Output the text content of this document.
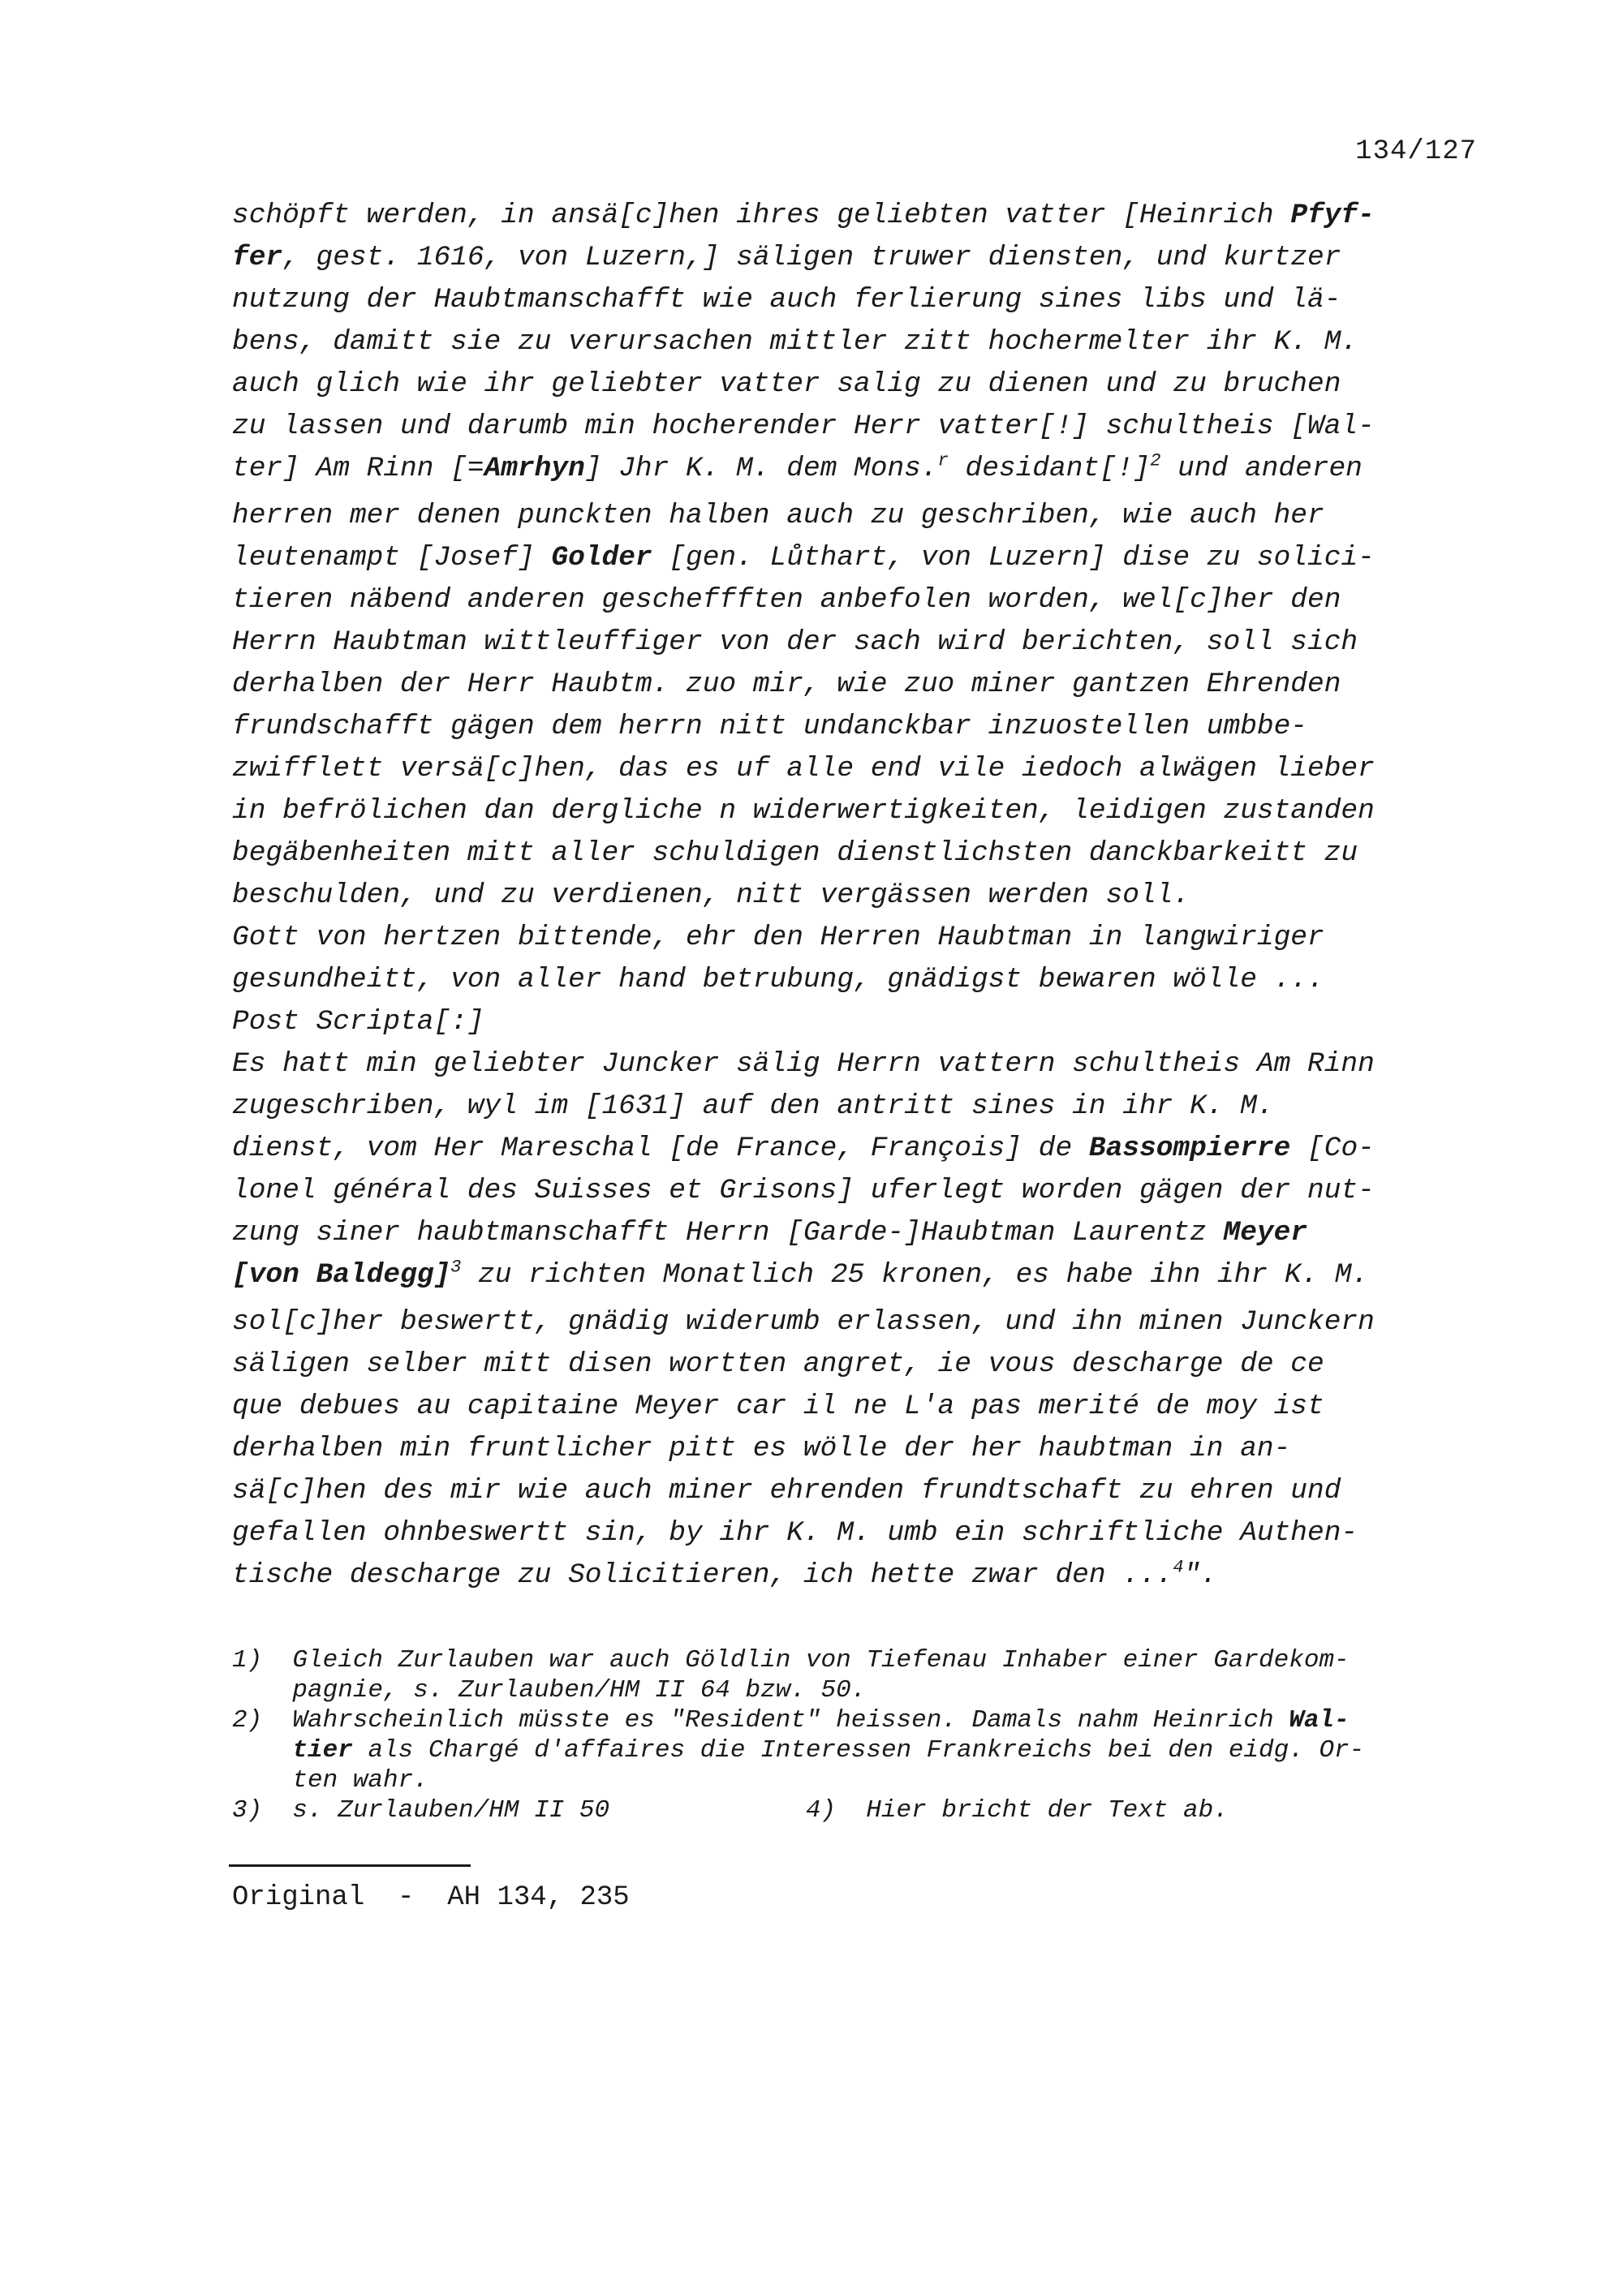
134/127
schöpft werden, in ansä[c]hen ihres geliebten vatter [Heinrich Pfyf-
fer, gest. 1616, von Luzern,] säligen truwer diensten, und kurtzer
nutzung der Haubtmanschafft wie auch ferlierung sines libs und lä-
bens, damitt sie zu verursachen mittler zitt hochermelter ihr K. M.
auch glich wie ihr geliebter vatter salig zu dienen und zu bruchen
zu lassen und darumb min hocherender Herr vatter[!] schultheis [Wal-
ter] Am Rinn [=Amrhyn] Jhr K. M. dem Mons.$^r$ desidant[!]$^2$ und anderen
herren mer denen punckten halben auch zu geschriben, wie auch her
leutenampt [Josef] Golder [gen. Lůthart, von Luzern] dise zu solici-
tieren näbend anderen gescheffften anbefolen worden, wel[c]her den
Herrn Haubtman wittleuffiger von der sach wird berichten, soll sich
derhalben der Herr Haubtm. zuo mir, wie zuo miner gantzen Ehrenden
frundschafft gägen dem herrn nitt undanckbar inzuostellen umbbe-
zwifflett versä[c]hen, das es uf alle end vile iedoch alwägen lieber
in befrölichen dan dergliche n widerwertigkeiten, leidigen zustanden
begäbenheiten mitt aller schuldigen dienstlichsten danckbarkeitt zu
beschulden, und zu verdienen, nitt vergässen werden soll.
Gott von hertzen bittende, ehr den Herren Haubtman in langwiriger
gesundheitt, von aller hand betrubung, gnädigst bewaren wölle ...
Post Scripta[:]
Es hatt min geliebter Juncker sälig Herrn vattern schultheis Am Rinn
zugeschriben, wyl im [1631] auf den antritt sines in ihr K. M.
dienst, vom Her Mareschal [de France, François] de Bassompierre [Co-
lonel général des Suisses et Grisons] uferlegt worden gägen der nut-
zung siner haubtmanschafft Herrn [Garde-]Haubtman Laurentz Meyer
[von Baldegg]$^3$ zu richten Monatlich 25 kronen, es habe ihn ihr K. M.
sol[c]her beswertt, gnädig widerumb erlassen, und ihn minen Junckern
säligen selber mitt disen wortten angret, ie vous descharge de ce
que debues au capitaine Meyer car il ne L'a pas merité de moy ist
derhalben min fruntlicher pitt es wölle der her haubtman in an-
sä[c]hen des mir wie auch miner ehrenden frundtschaft zu ehren und
gefallen ohnbeswertt sin, by ihr K. M. umb ein schriftliche Authen-
tische descharge zu Solicitieren, ich hette zwar den ...$^4$".
1)  Gleich Zurlauben war auch Göldlin von Tiefenau Inhaber einer Gardekom-
pagnie, s. Zurlauben/HM II 64 bzw. 50.
2)  Wahrscheinlich müsste es "Resident" heissen. Damals nahm Heinrich Wal-
tier als Chargé d'affaires die Interessen Frankreichs bei den eidg. Or-
ten wahr.
3)  s. Zurlauben/HM II 50             4)  Hier bricht der Text ab.
Original  -  AH 134, 235
